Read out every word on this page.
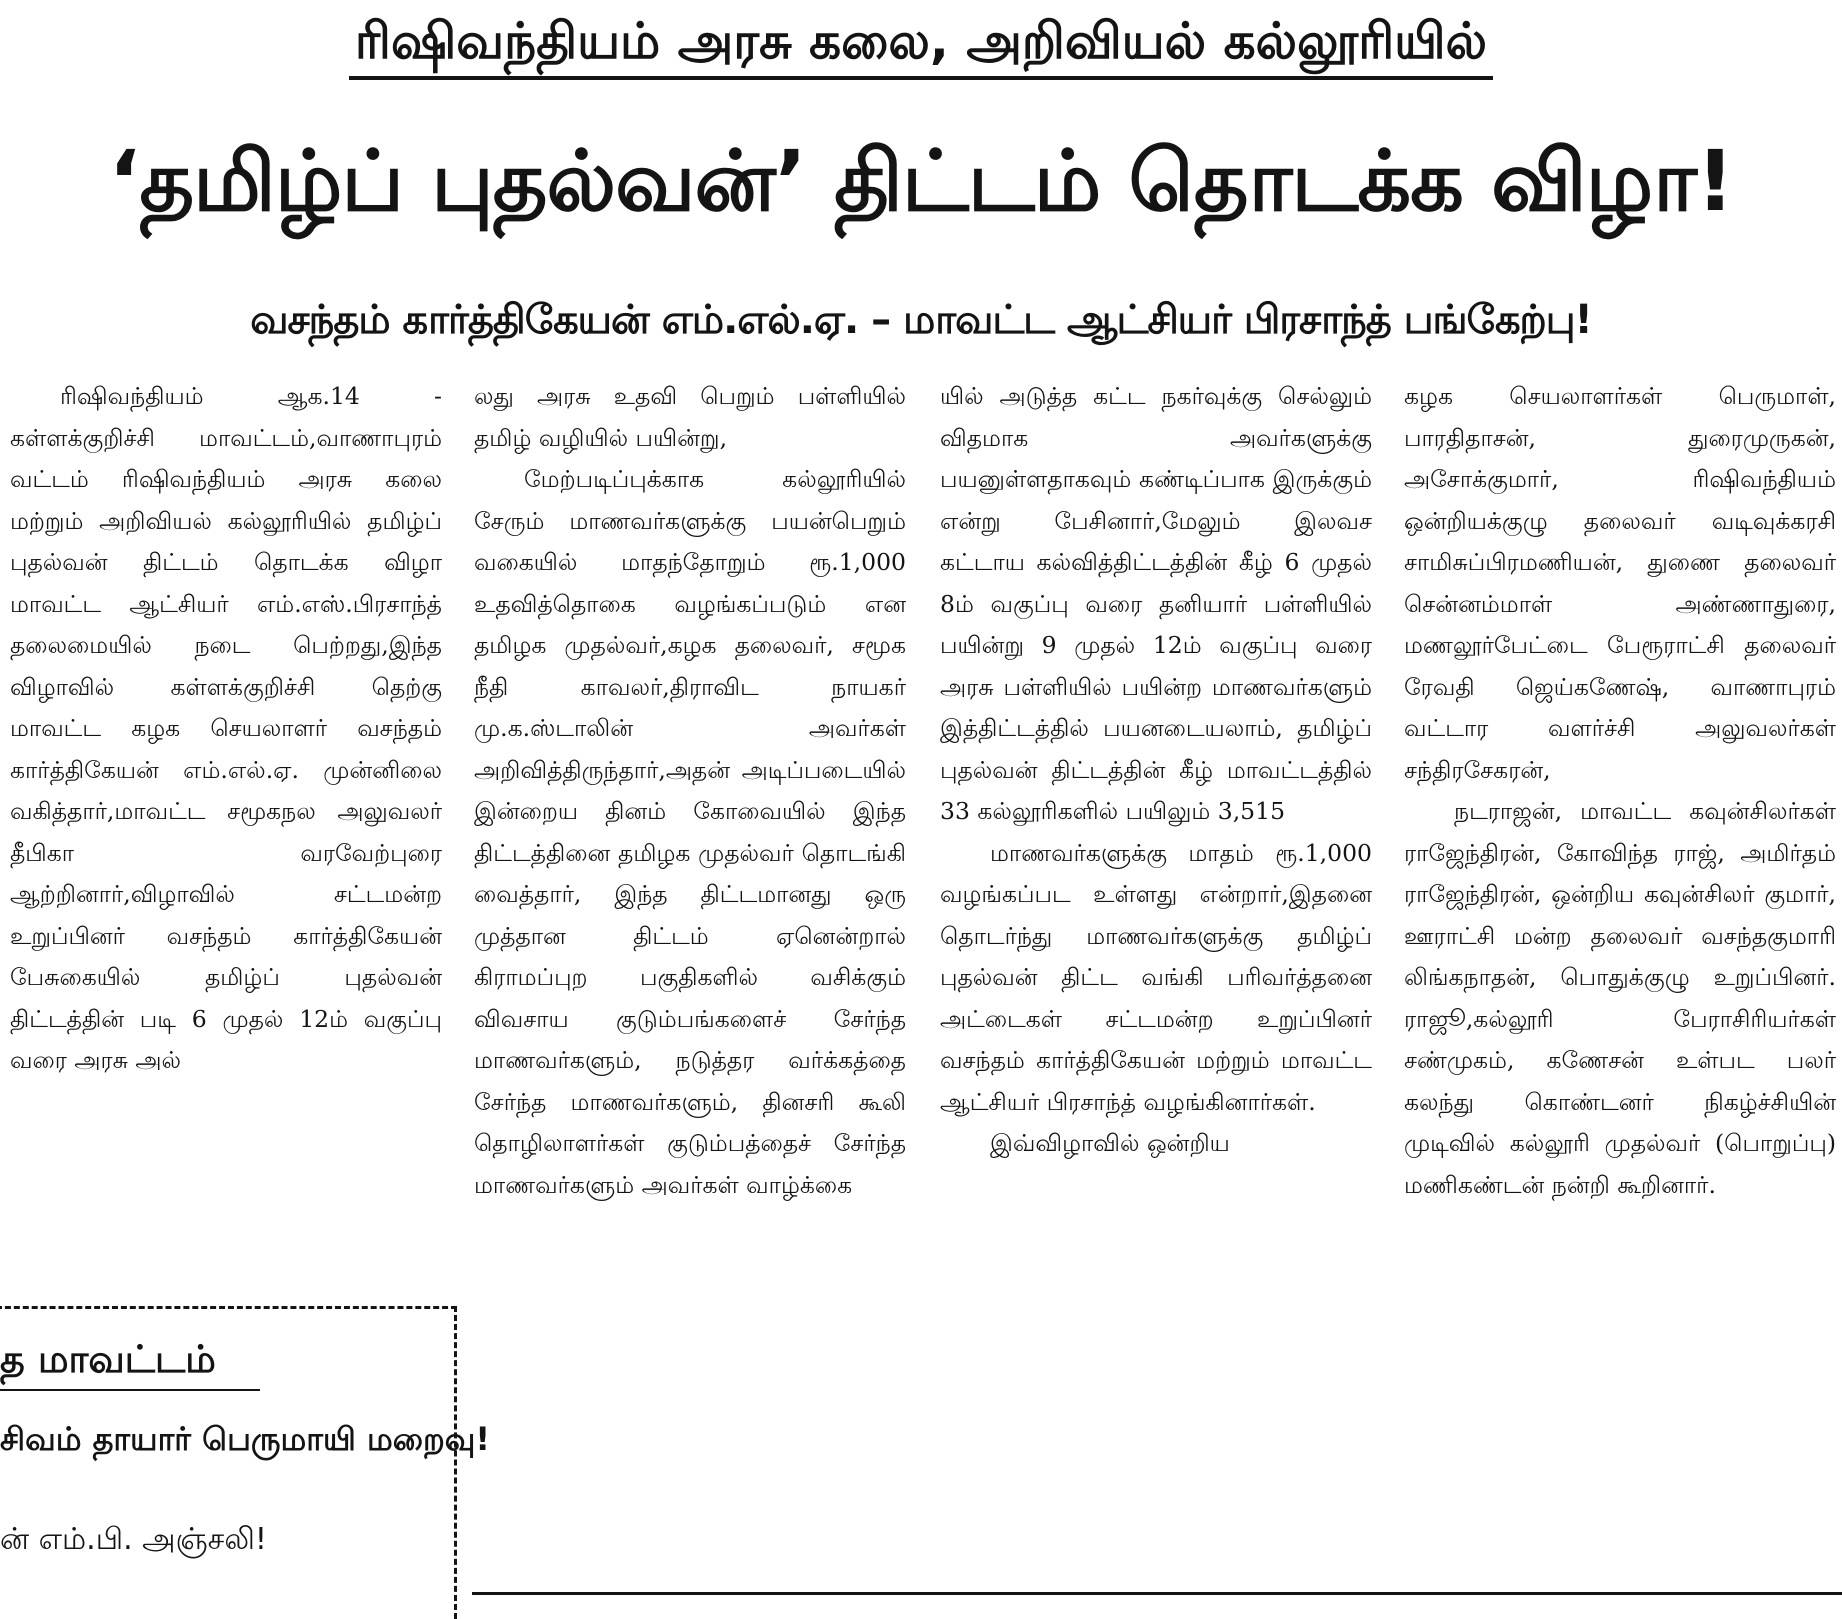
ரிஷிவந்தியம் அரசு கலை, அறிவியல் கல்லூரியில்
‘தமிழ்ப் புதல்வன்’ திட்டம் தொடக்க விழா!
வசந்தம் கார்த்திகேயன் எம்.எல்.ஏ. – மாவட்ட ஆட்சியர் பிரசாந்த் பங்கேற்பு!

ரிஷிவந்தியம் ஆக.14 - கள்ளக்குறிச்சி மாவட்டம்,வாணாபுரம் வட்டம் ரிஷிவந்தியம் அரசு கலை மற்றும் அறிவியல் கல்லூரியில் தமிழ்ப் புதல்வன் திட்டம் தொடக்க விழா மாவட்ட ஆட்சியர் எம்.எஸ்.பிரசாந்த் தலைமையில் நடை பெற்றது,இந்த விழாவில் கள்ளக்குறிச்சி தெற்கு மாவட்ட கழக செயலாளர் வசந்தம் கார்த்திகேயன் எம்.எல்.ஏ. முன்னிலை வகித்தார்,மாவட்ட சமூகநல அலுவலர் தீபிகா வரவேற்புரை ஆற்றினார்,விழாவில் சட்டமன்ற உறுப்பினர் வசந்தம் கார்த்திகேயன் பேசுகையில் தமிழ்ப் புதல்வன் திட்டத்தின் படி 6 முதல் 12ம் வகுப்பு வரை அரசு அல்

லது அரசு உதவி பெறும் பள்ளியில் தமிழ் வழியில் பயின்று,

மேற்படிப்புக்காக கல்லூரியில் சேரும் மாணவர்களுக்கு பயன்பெறும் வகையில் மாதந்தோறும் ரூ.1,000 உதவித்தொகை வழங்கப்படும் என தமிழக முதல்வர்,கழக தலைவர், சமூக நீதி காவலர்,திராவிட நாயகர் மு.க.ஸ்டாலின் அவர்கள் அறிவித்திருந்தார்,அதன் அடிப்படையில் இன்றைய தினம் கோவையில் இந்த திட்டத்தினை தமிழக முதல்வர் தொடங்கி வைத்தார், இந்த திட்டமானது ஒரு முத்தான திட்டம் ஏனென்றால் கிராமப்புற பகுதிகளில் வசிக்கும் விவசாய குடும்பங்களைச் சேர்ந்த மாணவர்களும், நடுத்தர வர்க்கத்தை சேர்ந்த மாணவர்களும், தினசரி கூலி தொழிலாளர்கள் குடும்பத்தைச் சேர்ந்த மாணவர்களும் அவர்கள் வாழ்க்கை

யில் அடுத்த கட்ட நகர்வுக்கு செல்லும் விதமாக அவர்களுக்கு பயனுள்ளதாகவும் கண்டிப்பாக இருக்கும் என்று பேசினார்,மேலும் இலவச கட்டாய கல்வித்திட்டத்தின் கீழ் 6 முதல் 8ம் வகுப்பு வரை தனியார் பள்ளியில் பயின்று 9 முதல் 12ம் வகுப்பு வரை அரசு பள்ளியில் பயின்ற மாணவர்களும் இத்திட்டத்தில் பயனடையலாம், தமிழ்ப் புதல்வன் திட்டத்தின் கீழ் மாவட்டத்தில் 33 கல்லூரிகளில் பயிலும் 3,515

மாணவர்களுக்கு மாதம் ரூ.1,000 வழங்கப்பட உள்ளது என்றார்,இதனை தொடர்ந்து மாணவர்களுக்கு தமிழ்ப் புதல்வன் திட்ட வங்கி பரிவர்த்தனை அட்டைகள் சட்டமன்ற உறுப்பினர் வசந்தம் கார்த்திகேயன் மற்றும் மாவட்ட ஆட்சியர் பிரசாந்த் வழங்கினார்கள்.

இவ்விழாவில் ஒன்றிய

கழக செயலாளர்கள் பெருமாள், பாரதிதாசன், துரைமுருகன், அசோக்குமார், ரிஷிவந்தியம் ஒன்றியக்குழு தலைவர் வடிவுக்கரசி சாமிசுப்பிரமணியன், துணை தலைவர் சென்னம்மாள் அண்ணாதுரை, மணலூர்பேட்டை பேரூராட்சி தலைவர் ரேவதி ஜெய்கணேஷ், வாணாபுரம் வட்டார வளர்ச்சி அலுவலர்கள் சந்திரசேகரன்,

நடராஜன், மாவட்ட கவுன்சிலர்கள் ராஜேந்திரன், கோவிந்த ராஜ், அமிர்தம் ராஜேந்திரன், ஒன்றிய கவுன்சிலர் குமார், ஊராட்சி மன்ற தலைவர் வசந்தகுமாரி லிங்கநாதன், பொதுக்குழு உறுப்பினர். ராஜூ,கல்லூரி பேராசிரியர்கள் சண்முகம், கணேசன் உள்பட பலர் கலந்து கொண்டனர் நிகழ்ச்சியின் முடிவில் கல்லூரி முதல்வர் (பொறுப்பு) மணிகண்டன் நன்றி கூறினார்.

த மாவட்டம்
சிவம் தாயார் பெருமாயி மறைவு!
ன் எம்.பி. அஞ்சலி!
